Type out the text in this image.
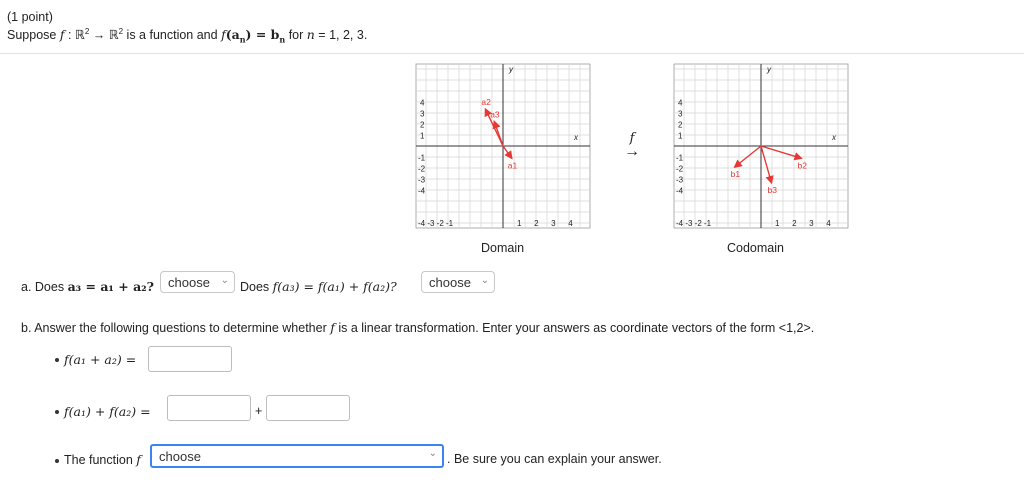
(1 point)
Suppose f : ℝ$^2$ → ℝ$^2$ is a function and $f(a_n) = b_n$ for n = 1, 2, 3.
4
3
2
1
-1
-2
-3
-4
-4 -3 -2 -1	1 2 3 4
y
x
a1
a2
a3
Domain
f
→
4
3
2
1
-1
-2
-3
-4
-4 -3 -2 -1	1 2 3 4
y
x
b1
b2
b3
Codomain
a. Does a₃ = a₁ + a₂?	choose ⌄ Does f(a₃) = f(a₁) + f(a₂)?	choose ⌄
b. Answer the following questions to determine whether f is a linear transformation. Enter your answers as coordinate vectors of the form <1,2>.
f(a₁ + a₂) =
f(a₁) + f(a₂) =	+
The function f	choose	⌄ . Be sure you can explain your answer.
